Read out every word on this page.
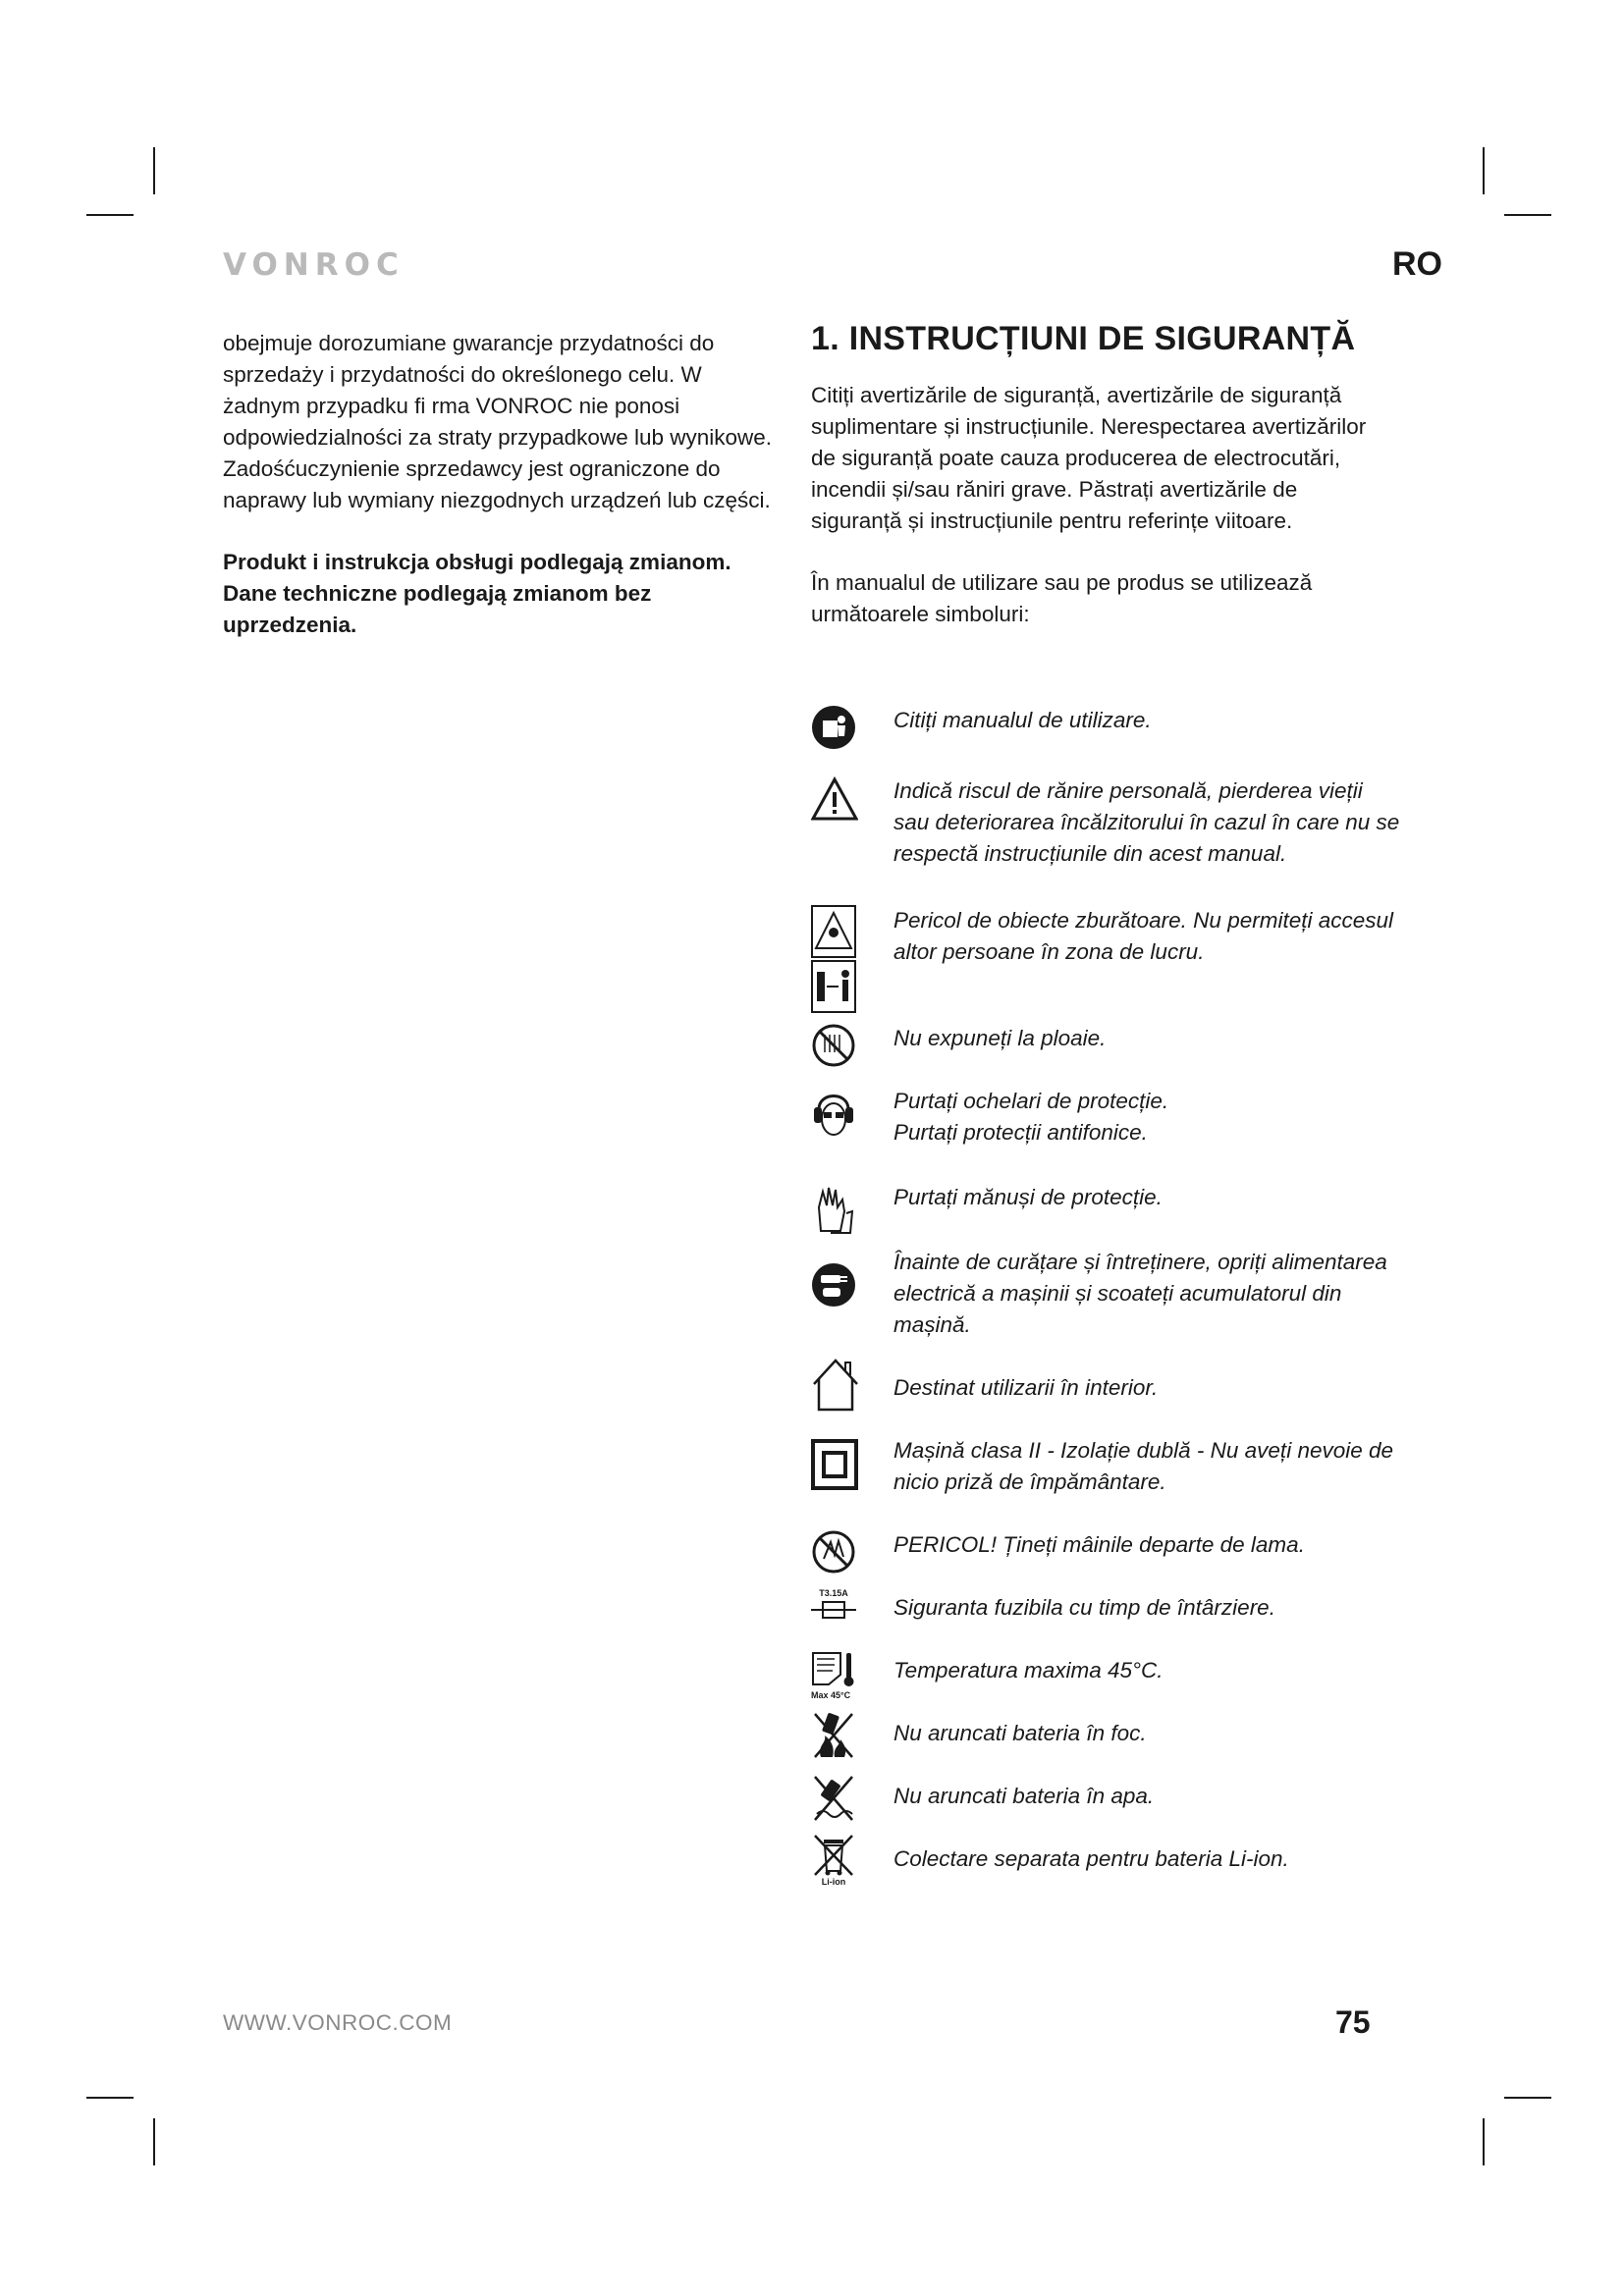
VONROC	RO

obejmuje dorozumiane gwarancje przydatności do sprzedaży i przydatności do określonego celu. W żadnym przypadku fi rma VONROC nie ponosi odpowiedzialności za straty przypadkowe lub wynikowe. Zadośćuczynienie sprzedawcy jest ograniczone do naprawy lub wymiany niezgodnych urządzeń lub części.

Produkt i instrukcja obsługi podlegają zmianom. Dane techniczne podlegają zmianom bez uprzedzenia.

1. INSTRUCȚIUNI DE SIGURANȚĂ

Citiți avertizările de siguranță, avertizările de siguranță suplimentare și instrucțiunile. Nerespectarea avertizărilor de siguranță poate cauza producerea de electrocutări, incendii și/sau răniri grave. Păstrați avertizările de siguranță și instrucțiunile pentru referințe viitoare.

În manualul de utilizare sau pe produs se utilizează următoarele simboluri:

Citiți manualul de utilizare.
Indică riscul de rănire personală, pierderea vieții sau deteriorarea încălzitorului în cazul în care nu se respectă instrucțiunile din acest manual.
Pericol de obiecte zburătoare. Nu permiteți accesul altor persoane în zona de lucru.
Nu expuneți la ploaie.
Purtați ochelari de protecție.
Purtați protecții antifonice.
Purtați mănuși de protecție.
Înainte de curățare și întreținere, opriți alimentarea electrică a mașinii și scoateți acumulatorul din mașină.
Destinat utilizarii în interior.
Mașină clasa II - Izolație dublă - Nu aveți nevoie de nicio priză de împământare.
PERICOL! Țineți mâinile departe de lama.
T3.15A
Siguranta fuzibila cu timp de întârziere.
Max 45°C
Temperatura maxima 45°C.
Nu aruncati bateria în foc.
Nu aruncati bateria în apa.
Li-ion
Colectare separata pentru bateria Li-ion.
WWW.VONROC.COM	75
